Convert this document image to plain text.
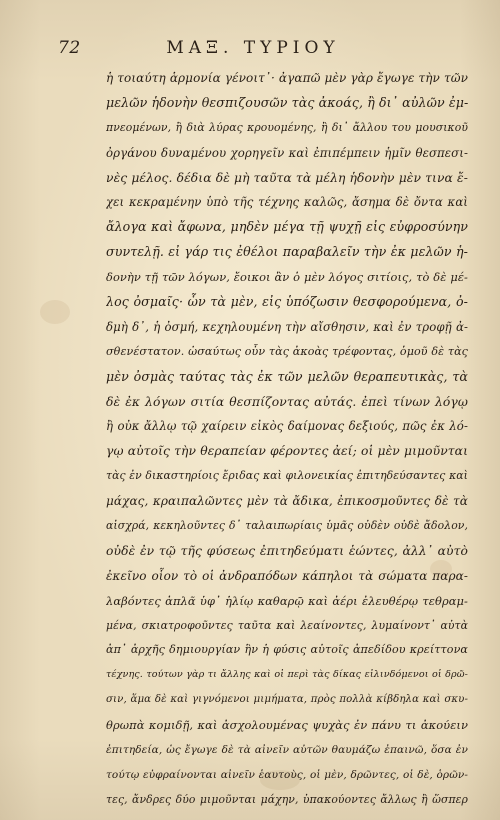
72	ΜΑΞ. ΤΥΡΙΟΥ
ἡ τοιαύτη ἁρμονία γένοιτ᾽· ἀγαπῶ μὲν γὰρ ἔγωγε τὴν τῶν
μελῶν ἡδονὴν θεσπιζουσῶν τὰς ἀκοάς, ἢ δι᾽ αὐλῶν ἐμ-
πνεομένων, ἢ διὰ λύρας κρουομένης, ἢ δι᾽ ἄλλου του μουσικοῦ
ὀργάνου δυναμένου χορηγεῖν καὶ ἐπιπέμπειν ἡμῖν θεσπεσι-
νὲς μέλος. δέδια δὲ μὴ ταῦτα τὰ μέλη ἡδονὴν μὲν τινα ἔ-
χει κεκραμένην ὑπὸ τῆς τέχνης καλῶς, ἄσημα δὲ ὄντα καὶ
ἄλογα καὶ ἄφωνα, μηδὲν μέγα τῇ ψυχῇ εἰς εὐφροσύνην
συντελῇ. εἰ γάρ τις ἐθέλοι παραβαλεῖν τὴν ἐκ μελῶν ἡ-
δονὴν τῇ τῶν λόγων, ἔοικοι ἂν ὁ μὲν λόγος σιτίοις, τὸ δὲ μέ-
λος ὀσμαῖς· ὧν τὰ μὲν, εἰς ὑπόζωσιν θεσφορούμενα, ὀ-
δμὴ δ᾽, ἡ ὀσμή, κεχηλουμένη τὴν αἴσθησιν, καὶ ἐν τροφῇ ἀ-
σθενέστατον. ὡσαύτως οὖν τὰς ἀκοὰς τρέφοντας, ὁμοῦ δὲ τὰς
μὲν ὀσμὰς ταύτας τὰς ἐκ τῶν μελῶν θεραπευτικὰς, τὰ
δὲ ἐκ λόγων σιτία θεσπίζοντας αὐτάς. ἐπεὶ τίνων λόγῳ
ἢ οὐκ ἄλλῳ τῷ χαίρειν εἰκὸς δαίμονας δεξιούς, πῶς ἐκ λό-
γῳ αὐτοῖς τὴν θεραπείαν φέροντες ἀεί; οἱ μὲν μιμοῦνται
τὰς ἐν δικαστηρίοις ἔριδας καὶ φιλονεικίας ἐπιτηδεύσαντες καὶ
μάχας, κραιπαλῶντες μὲν τὰ ἄδικα, ἐπικοσμοῦντες δὲ τὰ
αἰσχρά, κεκηλοῦντες δ᾽ ταλαιπωρίαις ὑμᾶς οὐδὲν οὐδὲ ἄδολον,
οὐδὲ ἐν τῷ τῆς φύσεως ἐπιτηδεύματι ἑώντες, ἀλλ᾽ αὐτὸ
ἐκεῖνο οἷον τὸ οἱ ἀνδραπόδων κάπηλοι τὰ σώματα παρα-
λαβόντες ἁπλᾶ ὑφ᾽ ἡλίῳ καθαρῷ καὶ ἀέρι ἐλευθέρῳ τεθραμ-
μένα, σκιατροφοῦντες ταῦτα καὶ λεαίνοντες, λυμαίνοντ᾽ αὐτὰ
ἀπ᾽ ἀρχῆς δημιουργίαν ἣν ἡ φύσις αὐτοῖς ἀπεδίδου κρείττονα
τέχνης. τούτων γὰρ τι ἄλλης καὶ οἱ περὶ τὰς δίκας εἰλινδόμενοι οἱ δρῶ-
σιν, ἅμα δὲ καὶ γιγνόμενοι μιμήματα, πρὸς πολλὰ κίβδηλα καὶ σκυ-
θρωπὰ κομιδῇ, καὶ ἀσχολουμένας ψυχὰς ἐν πάνυ τι ἀκούειν
ἐπιτηδεία, ὡς ἔγωγε δὲ τὰ αἰνεῖν αὐτῶν θαυμάζω ἐπαινῶ, ὅσα ἐν
τούτῳ εὐφραίνονται αἰνεῖν ἑαυτοὺς, οἱ μὲν, δρῶντες, οἱ δὲ, ὁρῶν-
τες, ἄνδρες δύο μιμοῦνται μάχην, ὑπακούοντες ἄλλως ἢ ὥσπερ
